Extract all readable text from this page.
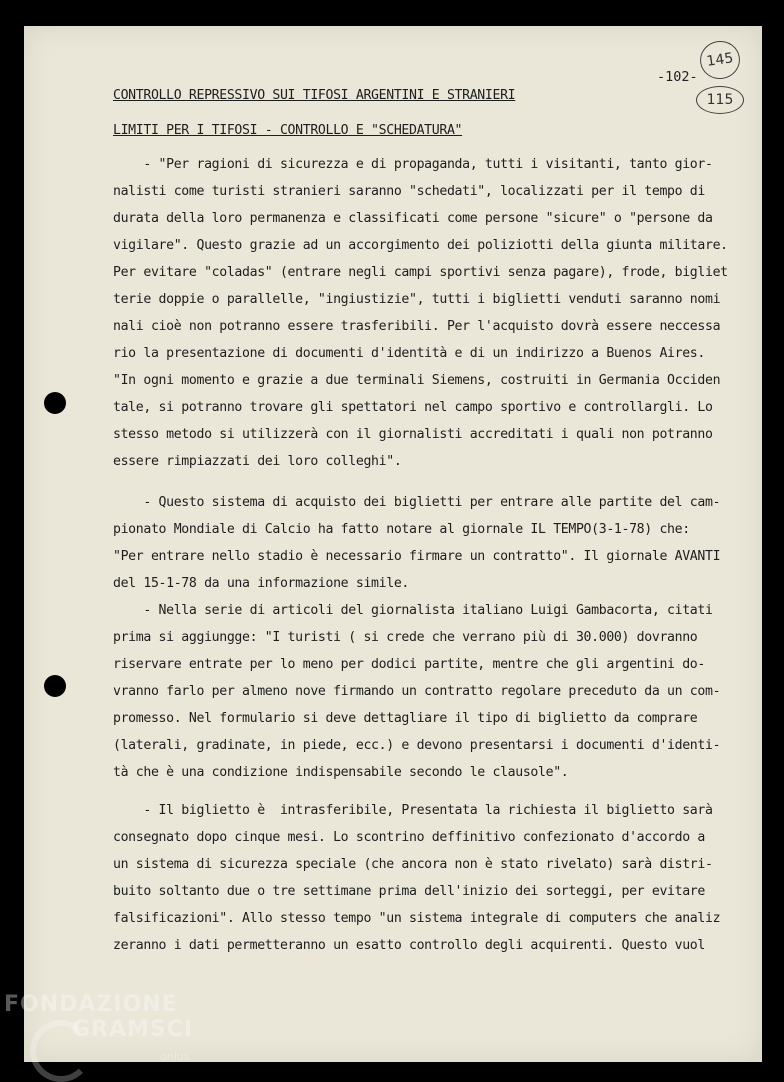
-102-
145
115
CONTROLLO REPRESSIVO SUI TIFOSI ARGENTINI E STRANIERI
LIMITI PER I TIFOSI - CONTROLLO E "SCHEDATURA"
- "Per ragioni di sicurezza e di propaganda, tutti i visitanti, tanto gior-
nalisti come turisti stranieri saranno "schedati", localizzati per il tempo di
durata della loro permanenza e classificati come persone "sicure" o "persone da
vigilare". Questo grazie ad un accorgimento dei poliziotti della giunta militare.
Per evitare "coladas" (entrare negli campi sportivi senza pagare), frode, bigliet
terie doppie o parallelle, "ingiustizie", tutti i biglietti venduti saranno nomi
nali cioè non potranno essere trasferibili. Per l'acquisto dovrà essere neccessa
rio la presentazione di documenti d'identità e di un indirizzo a Buenos Aires.
"In ogni momento e grazie a due terminali Siemens, costruiti in Germania Occiden
tale, si potranno trovare gli spettatori nel campo sportivo e controllargli. Lo
stesso metodo si utilizzerà con il giornalisti accreditati i quali non potranno
essere rimpiazzati dei loro colleghi".
- Questo sistema di acquisto dei biglietti per entrare alle partite del cam-
pionato Mondiale di Calcio ha fatto notare al giornale IL TEMPO(3-1-78) che:
"Per entrare nello stadio è necessario firmare un contratto". Il giornale AVANTI
del 15-1-78 da una informazione simile.
- Nella serie di articoli del giornalista italiano Luigi Gambacorta, citati
prima si aggiungge: "I turisti ( si crede che verrano più di 30.000) dovranno
riservare entrate per lo meno per dodici partite, mentre che gli argentini do-
vranno farlo per almeno nove firmando un contratto regolare preceduto da un com-
promesso. Nel formulario si deve dettagliare il tipo di biglietto da comprare
(laterali, gradinate, in piede, ecc.) e devono presentarsi i documenti d'identi-
tà che è una condizione indispensabile secondo le clausole".
- Il biglietto è  intrasferibile, Presentata la richiesta il biglietto sarà
consegnato dopo cinque mesi. Lo scontrino deffinitivo confezionato d'accordo a
un sistema di sicurezza speciale (che ancora non è stato rivelato) sarà distri-
buito soltanto due o tre settimane prima dell'inizio dei sorteggi, per evitare
falsificazioni". Allo stesso tempo "un sistema integrale di computers che analiz
zeranno i dati permetteranno un esatto controllo degli acquirenti. Questo vuol
FONDAZIONE
GRAMSCI
onlus
